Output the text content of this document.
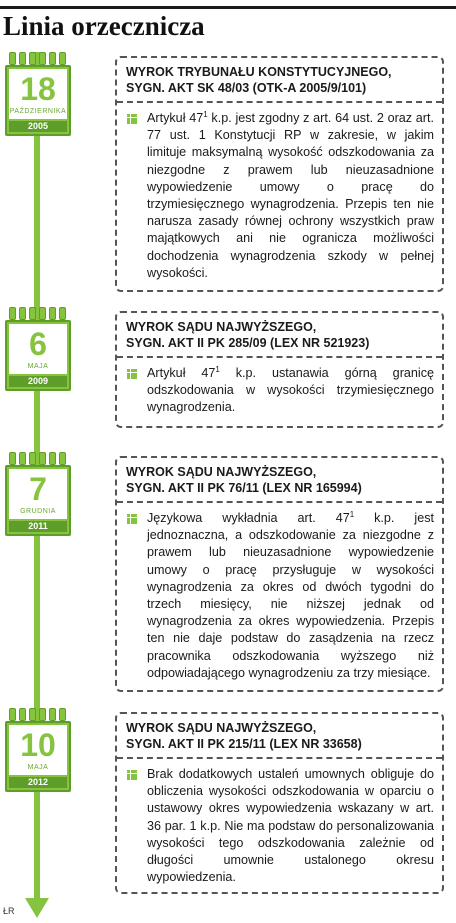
Linia orzecznicza
ŁR
18
PAŹDZIERNIKA
2005
WYROK TRYBUNAŁU KONSTYTUCYJNEGO,
SYGN. AKT SK 48/03 (OTK-A 2005/9/101)
Artykuł $47^1$ k.p. jest zgodny z art. 64 ust. 2 oraz art. 77 ust. 1 Konstytucji RP w zakresie, w jakim limituje maksymalną wysokość odszkodowania za niezgodne z prawem lub nieuzasadnione wypowiedzenie umowy o pracę do trzymiesięcznego wynagrodzenia. Przepis ten nie narusza zasady równej ochrony wszystkich praw majątkowych ani nie ogranicza możliwości dochodzenia wynagrodzenia szkody w pełnej wysokości.
6
MAJA
2009
WYROK SĄDU NAJWYŻSZEGO,
SYGN. AKT II PK 285/09 (LEX NR 521923)
Artykuł $47^1$ k.p. ustanawia górną granicę odszkodowania w wysokości trzymiesięcznego wynagrodzenia.
7
GRUDNIA
2011
WYROK SĄDU NAJWYŻSZEGO,
SYGN. AKT II PK 76/11 (LEX NR 165994)
Językowa wykładnia art. $47^1$ k.p. jest jednoznaczna, a odszkodowanie za niezgodne z prawem lub nieuzasadnione wypowiedzenie umowy o pracę przysługuje w wysokości wynagrodzenia za okres od dwóch tygodni do trzech miesięcy, nie niższej jednak od wynagrodzenia za okres wypowiedzenia. Przepis ten nie daje podstaw do zasądzenia na rzecz pracownika odszkodowania wyższego niż odpowiadającego wynagrodzeniu za trzy miesiące.
10
MAJA
2012
WYROK SĄDU NAJWYŻSZEGO,
SYGN. AKT II PK 215/11 (LEX NR 33658)
Brak dodatkowych ustaleń umownych obliguje do obliczenia wysokości odszkodowania w oparciu o ustawowy okres wypowiedzenia wskazany w art. 36 par. 1 k.p. Nie ma podstaw do personalizowania wysokości tego odszkodowania zależnie od długości umownie ustalonego okresu wypowiedzenia.
